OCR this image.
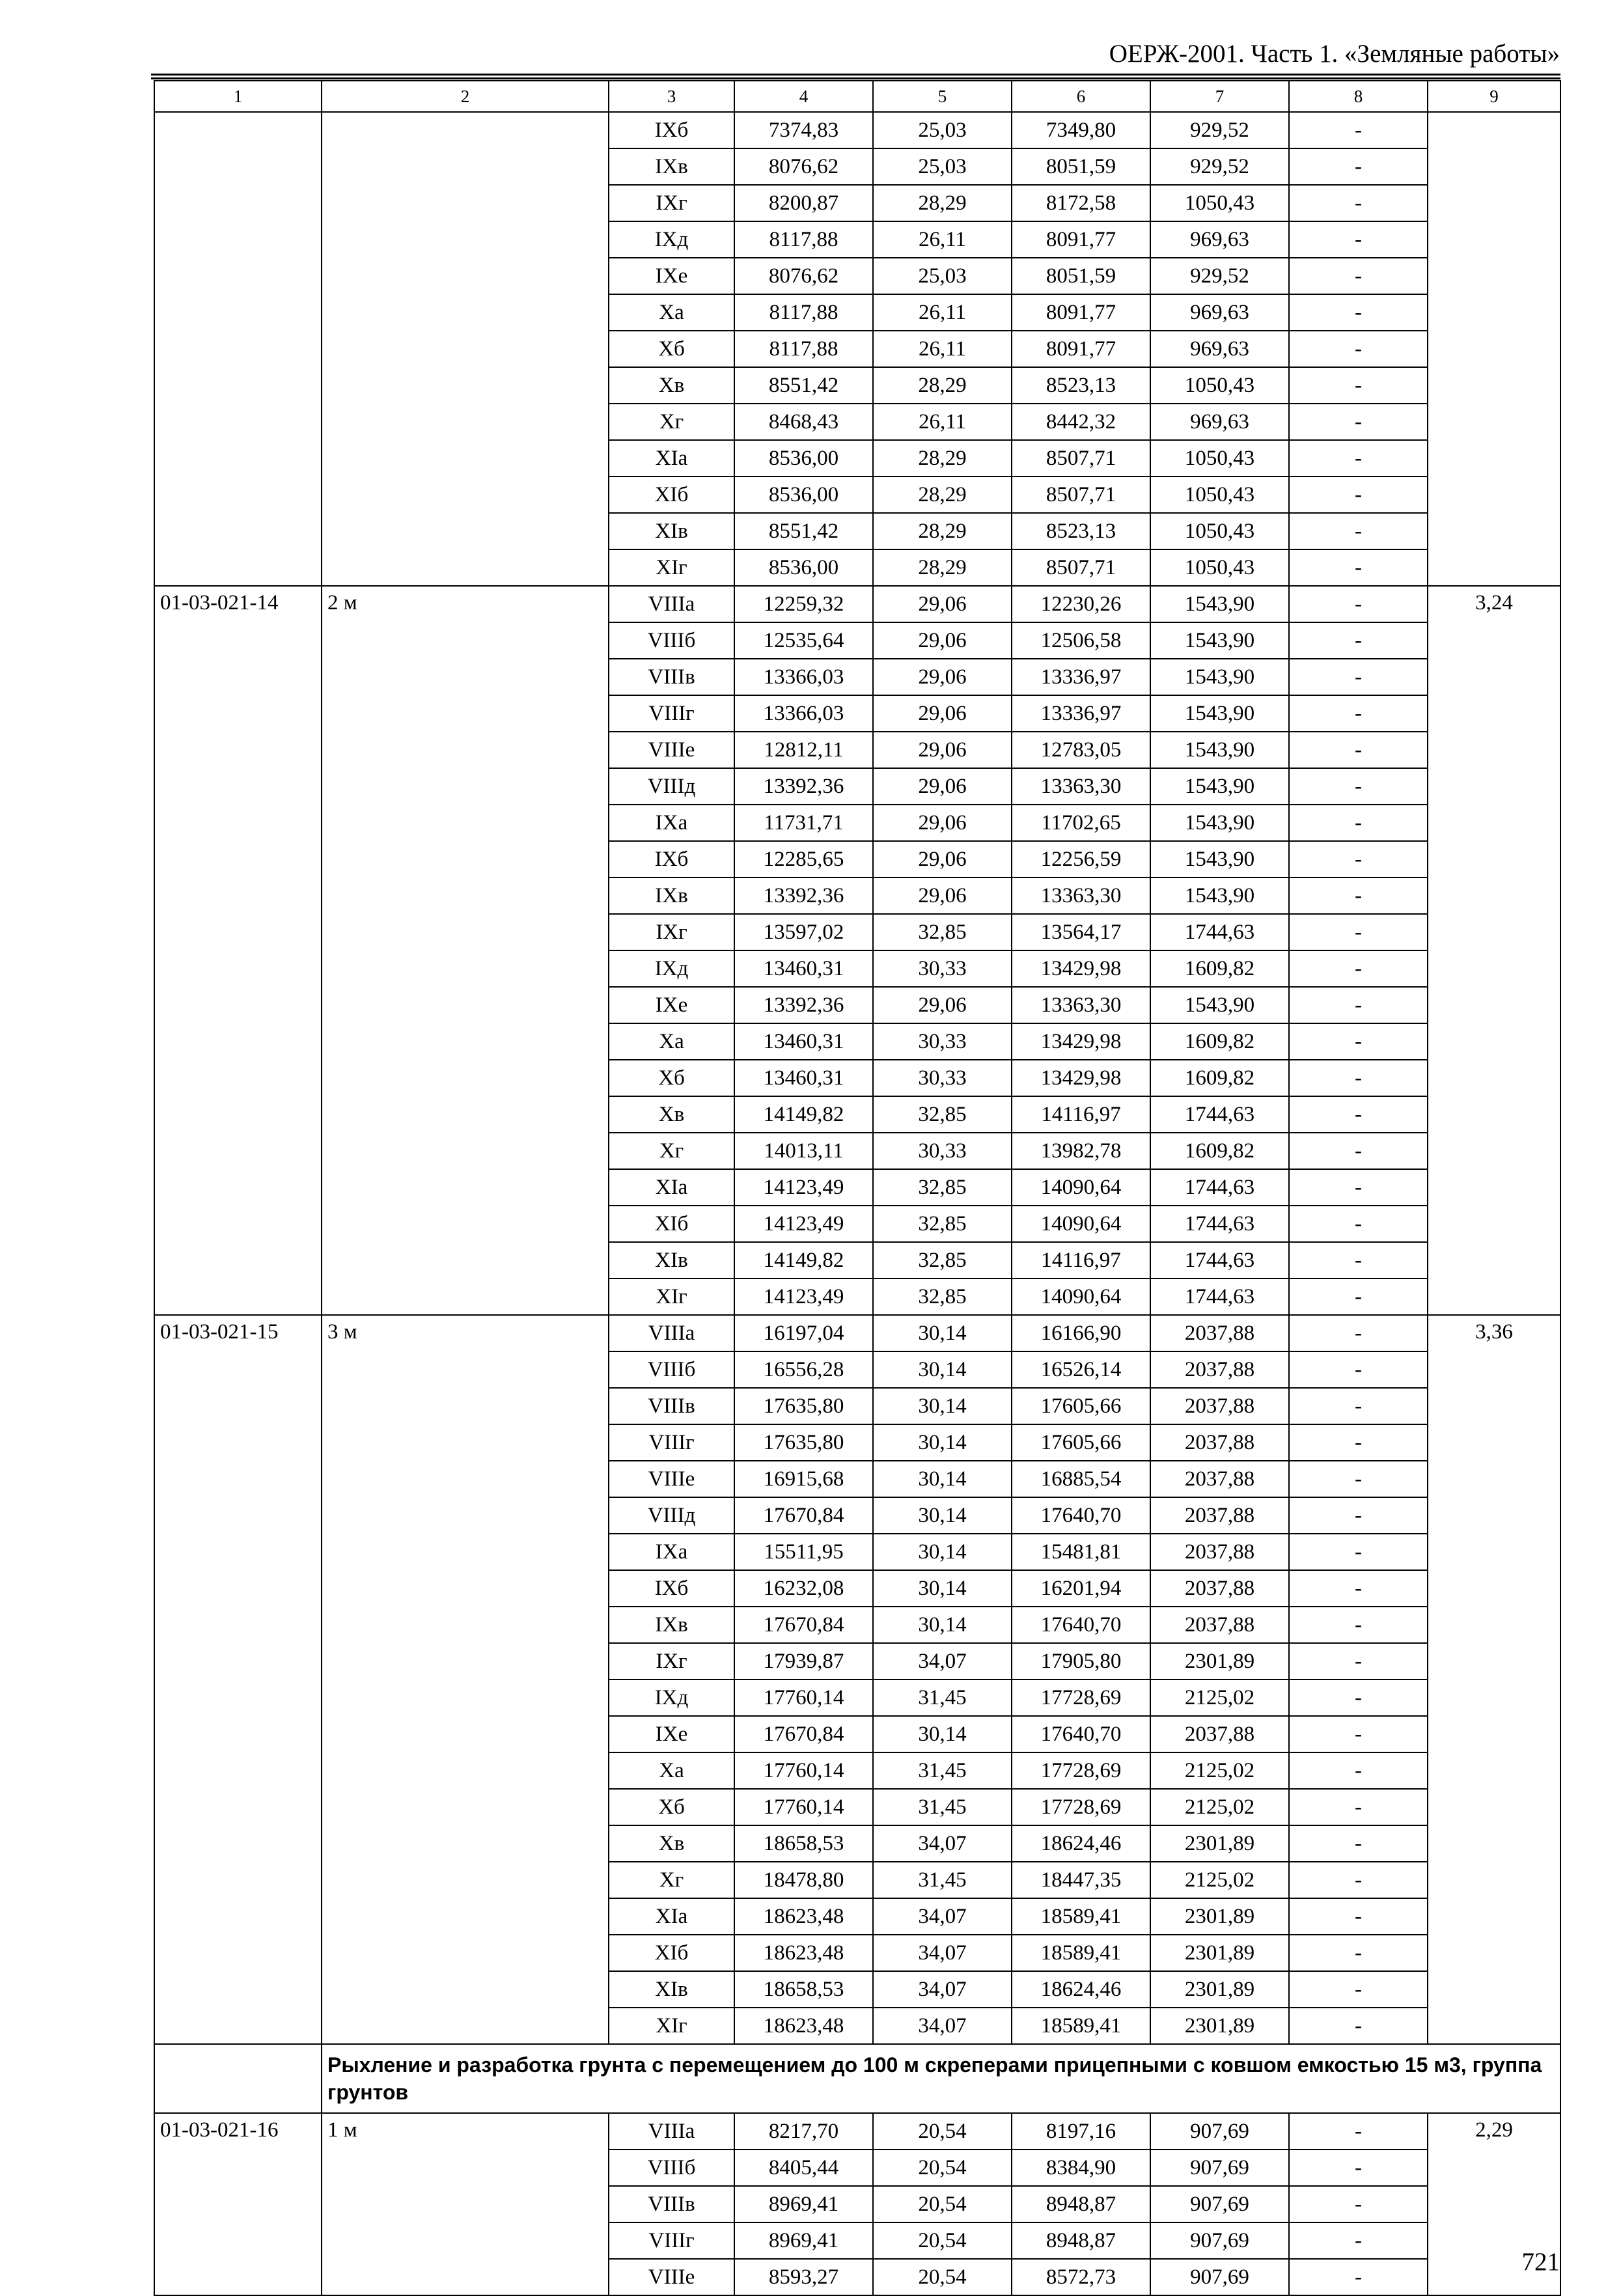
ОЕРЖ-2001. Часть 1. «Земляные работы»
1	2	3	4	5	6	7	8	9
		IXб	7374,83	25,03	7349,80	929,52	-	
		IXв	8076,62	25,03	8051,59	929,52	-	
		IXг	8200,87	28,29	8172,58	1050,43	-	
		IXд	8117,88	26,11	8091,77	969,63	-	
		IXе	8076,62	25,03	8051,59	929,52	-	
		Xа	8117,88	26,11	8091,77	969,63	-	
		Xб	8117,88	26,11	8091,77	969,63	-	
		Xв	8551,42	28,29	8523,13	1050,43	-	
		Xг	8468,43	26,11	8442,32	969,63	-	
		XIа	8536,00	28,29	8507,71	1050,43	-	
		XIб	8536,00	28,29	8507,71	1050,43	-	
		XIв	8551,42	28,29	8523,13	1050,43	-	
		XIг	8536,00	28,29	8507,71	1050,43	-	
01-03-021-14	2 м	VIIIа	12259,32	29,06	12230,26	1543,90	-	3,24
		VIIIб	12535,64	29,06	12506,58	1543,90	-	
		VIIIв	13366,03	29,06	13336,97	1543,90	-	
		VIIIг	13366,03	29,06	13336,97	1543,90	-	
		VIIIе	12812,11	29,06	12783,05	1543,90	-	
		VIIIд	13392,36	29,06	13363,30	1543,90	-	
		IXа	11731,71	29,06	11702,65	1543,90	-	
		IXб	12285,65	29,06	12256,59	1543,90	-	
		IXв	13392,36	29,06	13363,30	1543,90	-	
		IXг	13597,02	32,85	13564,17	1744,63	-	
		IXд	13460,31	30,33	13429,98	1609,82	-	
		IXе	13392,36	29,06	13363,30	1543,90	-	
		Xа	13460,31	30,33	13429,98	1609,82	-	
		Xб	13460,31	30,33	13429,98	1609,82	-	
		Xв	14149,82	32,85	14116,97	1744,63	-	
		Xг	14013,11	30,33	13982,78	1609,82	-	
		XIа	14123,49	32,85	14090,64	1744,63	-	
		XIб	14123,49	32,85	14090,64	1744,63	-	
		XIв	14149,82	32,85	14116,97	1744,63	-	
		XIг	14123,49	32,85	14090,64	1744,63	-	
01-03-021-15	3 м	VIIIа	16197,04	30,14	16166,90	2037,88	-	3,36
		VIIIб	16556,28	30,14	16526,14	2037,88	-	
		VIIIв	17635,80	30,14	17605,66	2037,88	-	
		VIIIг	17635,80	30,14	17605,66	2037,88	-	
		VIIIе	16915,68	30,14	16885,54	2037,88	-	
		VIIIд	17670,84	30,14	17640,70	2037,88	-	
		IXа	15511,95	30,14	15481,81	2037,88	-	
		IXб	16232,08	30,14	16201,94	2037,88	-	
		IXв	17670,84	30,14	17640,70	2037,88	-	
		IXг	17939,87	34,07	17905,80	2301,89	-	
		IXд	17760,14	31,45	17728,69	2125,02	-	
		IXе	17670,84	30,14	17640,70	2037,88	-	
		Xа	17760,14	31,45	17728,69	2125,02	-	
		Xб	17760,14	31,45	17728,69	2125,02	-	
		Xв	18658,53	34,07	18624,46	2301,89	-	
		Xг	18478,80	31,45	18447,35	2125,02	-	
		XIа	18623,48	34,07	18589,41	2301,89	-	
		XIб	18623,48	34,07	18589,41	2301,89	-	
		XIв	18658,53	34,07	18624,46	2301,89	-	
		XIг	18623,48	34,07	18589,41	2301,89	-	
	Рыхление и разработка грунта с перемещением до 100 м скреперами прицепными с ковшом емкостью 15 м3, группа грунтов							
01-03-021-16	1 м	VIIIа	8217,70	20,54	8197,16	907,69	-	2,29
		VIIIб	8405,44	20,54	8384,90	907,69	-	
		VIIIв	8969,41	20,54	8948,87	907,69	-	
		VIIIг	8969,41	20,54	8948,87	907,69	-	
		VIIIе	8593,27	20,54	8572,73	907,69	-	
721
